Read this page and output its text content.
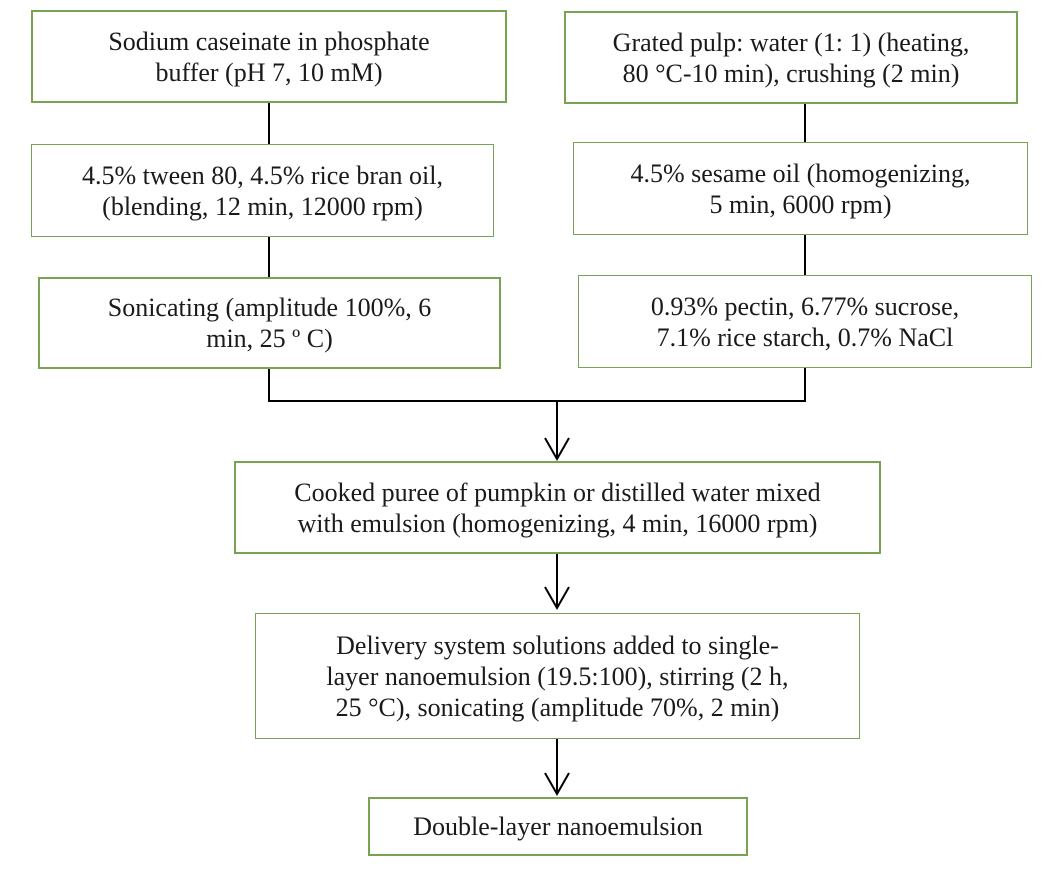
Sodium caseinate in phosphate
buffer (pH 7, 10 mM)
4.5% tween 80, 4.5% rice bran oil,
(blending, 12 min, 12000 rpm)
Sonicating (amplitude 100%, 6
min, 25 º C)
Grated pulp: water (1: 1) (heating,
80 °C-10 min), crushing (2 min)
4.5% sesame oil (homogenizing,
5 min, 6000 rpm)
0.93% pectin, 6.77% sucrose,
7.1% rice starch, 0.7% NaCl
Cooked puree of pumpkin or distilled water mixed
with emulsion (homogenizing, 4 min, 16000 rpm)
Delivery system solutions added to single-
layer nanoemulsion (19.5:100), stirring (2 h,
25 °C), sonicating (amplitude 70%, 2 min)
Double-layer nanoemulsion
